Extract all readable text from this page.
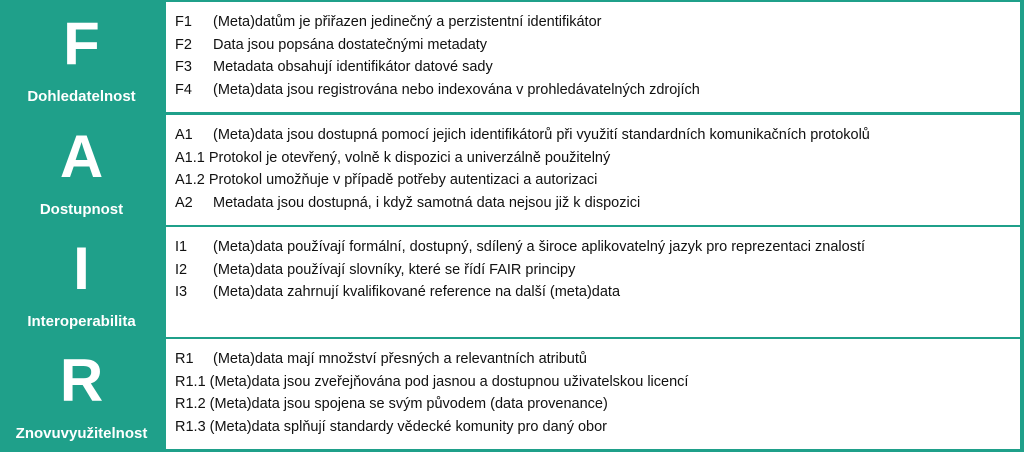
F
Dohledatelnost
F1 (Meta)datům je přiřazen jedinečný a perzistentní identifikátor
F2 Data jsou popsána dostatečnými metadaty
F3 Metadata obsahují identifikátor datové sady
F4 (Meta)data jsou registrována nebo indexována v prohledávatelných zdrojích
A
Dostupnost
A1 (Meta)data jsou dostupná pomocí jejich identifikátorů při využití standardních komunikačních protokolů
A1.1 Protokol je otevřený, volně k dispozici a univerzálně použitelný
A1.2 Protokol umožňuje v případě potřeby autentizaci a autorizaci
A2 Metadata jsou dostupná, i když samotná data nejsou již k dispozici
I
Interoperabilita
I1 (Meta)data používají formální, dostupný, sdílený a široce aplikovatelný jazyk pro reprezentaci znalostí
I2 (Meta)data používají slovníky, které se řídí FAIR principy
I3 (Meta)data zahrnují kvalifikované reference na další (meta)data
R
Znovuvyužitelnost
R1 (Meta)data mají množství přesných a relevantních atributů
R1.1 (Meta)data jsou zveřejňována pod jasnou a dostupnou uživatelskou licencí
R1.2 (Meta)data jsou spojena se svým původem (data provenance)
R1.3 (Meta)data splňují standardy vědecké komunity pro daný obor
